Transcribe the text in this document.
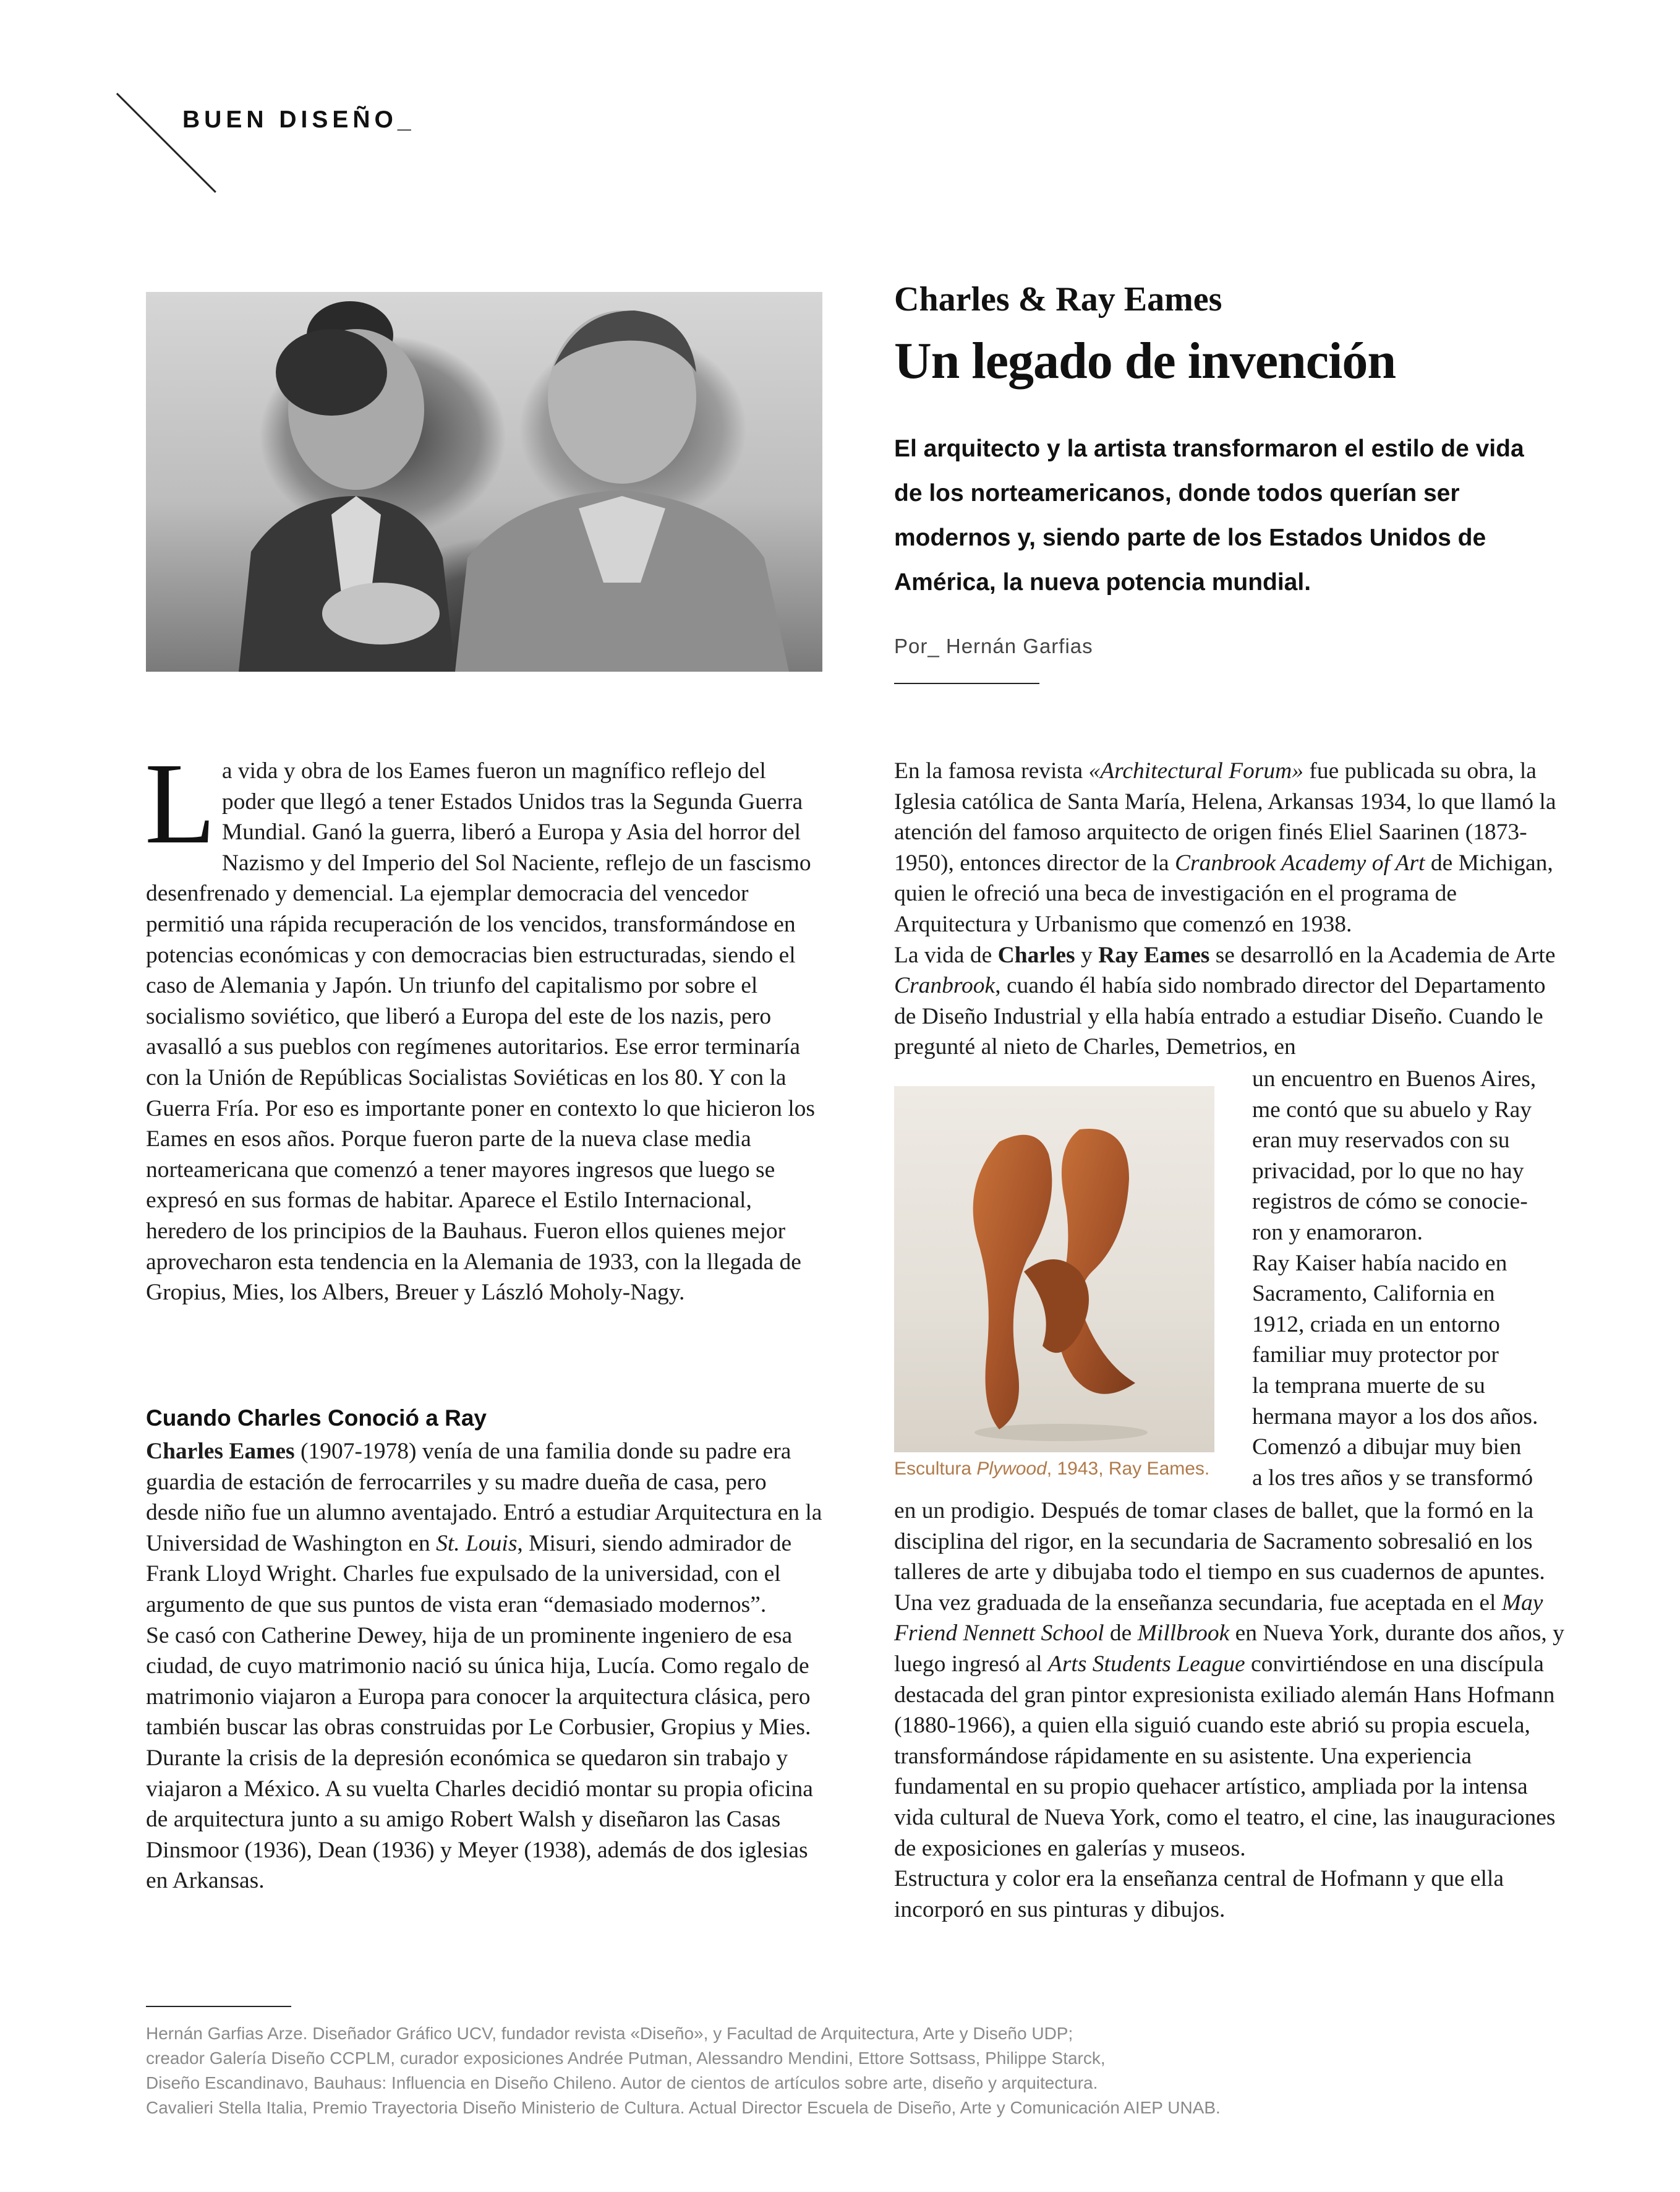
BUEN DISEÑO_
Charles & Ray Eames
Un legado de invención
El arquitecto y la artista transformaron el estilo de vida de los norteamericanos, donde todos querían ser modernos y, siendo parte de los Estados Unidos de América, la nueva potencia mundial.
Por_ Hernán Garfias

La vida y obra de los Eames fueron un magnífico reflejo del poder que llegó a tener Estados Unidos tras la Segunda Guerra Mundial. Ganó la guerra, liberó a Europa y Asia del horror del Nazismo y del Imperio del Sol Naciente, reflejo de un fascismo desenfrenado y demencial. La ejemplar democracia del vencedor permitió una rápida recuperación de los vencidos, transformándose en potencias económicas y con democracias bien estructuradas, siendo el caso de Alemania y Japón. Un triunfo del capitalismo por sobre el socialismo soviético, que liberó a Europa del este de los nazis, pero avasalló a sus pueblos con regímenes autoritarios. Ese error terminaría con la Unión de Repúblicas Socialistas Soviéticas en los 80. Y con la Guerra Fría. Por eso es importante poner en contexto lo que hicieron los Eames en esos años. Porque fueron parte de la nueva clase media norteamericana que comenzó a tener mayores ingresos que luego se expresó en sus formas de habitar. Aparece el Estilo Internacional, heredero de los principios de la Bauhaus. Fueron ellos quienes mejor aprovecharon esta tendencia en la Alemania de 1933, con la llegada de Gropius, Mies, los Albers, Breuer y László Moholy-Nagy.

Cuando Charles Conoció a Ray

Charles Eames (1907-1978) venía de una familia donde su padre era guardia de estación de ferrocarriles y su madre dueña de casa, pero desde niño fue un alumno aventajado. Entró a estudiar Arquitectura en la Universidad de Washington en St. Louis, Misuri, siendo admirador de Frank Lloyd Wright. Charles fue expulsado de la universidad, con el argumento de que sus puntos de vista eran “demasiado modernos”.

Se casó con Catherine Dewey, hija de un prominente ingeniero de esa ciudad, de cuyo matrimonio nació su única hija, Lucía. Como regalo de matrimonio viajaron a Europa para conocer la arquitectura clásica, pero también buscar las obras construidas por Le Corbusier, Gropius y Mies. Durante la crisis de la depresión económica se quedaron sin trabajo y viajaron a México. A su vuelta Charles decidió montar su propia oficina de arquitectura junto a su amigo Robert Walsh y diseñaron las Casas Dinsmoor (1936), Dean (1936) y Meyer (1938), además de dos iglesias en Arkansas.

En la famosa revista «Architectural Forum» fue publicada su obra, la Iglesia católica de Santa María, Helena, Arkansas 1934, lo que llamó la atención del famoso arquitecto de origen finés Eliel Saarinen (1873-1950), entonces director de la Cranbrook Academy of Art de Michigan, quien le ofreció una beca de investigación en el programa de Arquitectura y Urbanismo que comenzó en 1938.

La vida de Charles y Ray Eames se desarrolló en la Academia de Arte Cranbrook, cuando él había sido nombrado director del Departamento de Diseño Industrial y ella había entrado a estudiar Diseño. Cuando le pregunté al nieto de Charles, Demetrios, en

Escultura Plywood, 1943, Ray Eames.
un encuentro en Buenos Aires,
me contó que su abuelo y Ray
eran muy reservados con su
privacidad, por lo que no hay
registros de cómo se conocie-
ron y enamoraron.
Ray Kaiser había nacido en
Sacramento, California en
1912, criada en un entorno
familiar muy protector por
la temprana muerte de su
hermana mayor a los dos años.
Comenzó a dibujar muy bien
a los tres años y se transformó

en un prodigio. Después de tomar clases de ballet, que la formó en la disciplina del rigor, en la secundaria de Sacramento sobresalió en los talleres de arte y dibujaba todo el tiempo en sus cuadernos de apuntes. Una vez graduada de la enseñanza secundaria, fue aceptada en el May Friend Nennett School de Millbrook en Nueva York, durante dos años, y luego ingresó al Arts Students League convirtiéndose en una discípula destacada del gran pintor expresionista exiliado alemán Hans Hofmann (1880-1966), a quien ella siguió cuando este abrió su propia escuela, transformándose rápidamente en su asistente. Una experiencia fundamental en su propio quehacer artístico, ampliada por la intensa vida cultural de Nueva York, como el teatro, el cine, las inauguraciones de exposiciones en galerías y museos.

Estructura y color era la enseñanza central de Hofmann y que ella incorporó en sus pinturas y dibujos.

Hernán Garfias Arze. Diseñador Gráfico UCV, fundador revista «Diseño», y Facultad de Arquitectura, Arte y Diseño UDP;
creador Galería Diseño CCPLM, curador exposiciones Andrée Putman, Alessandro Mendini, Ettore Sottsass, Philippe Starck,
Diseño Escandinavo, Bauhaus: Influencia en Diseño Chileno. Autor de cientos de artículos sobre arte, diseño y arquitectura.
Cavalieri Stella Italia, Premio Trayectoria Diseño Ministerio de Cultura. Actual Director Escuela de Diseño, Arte y Comunicación AIEP UNAB.
